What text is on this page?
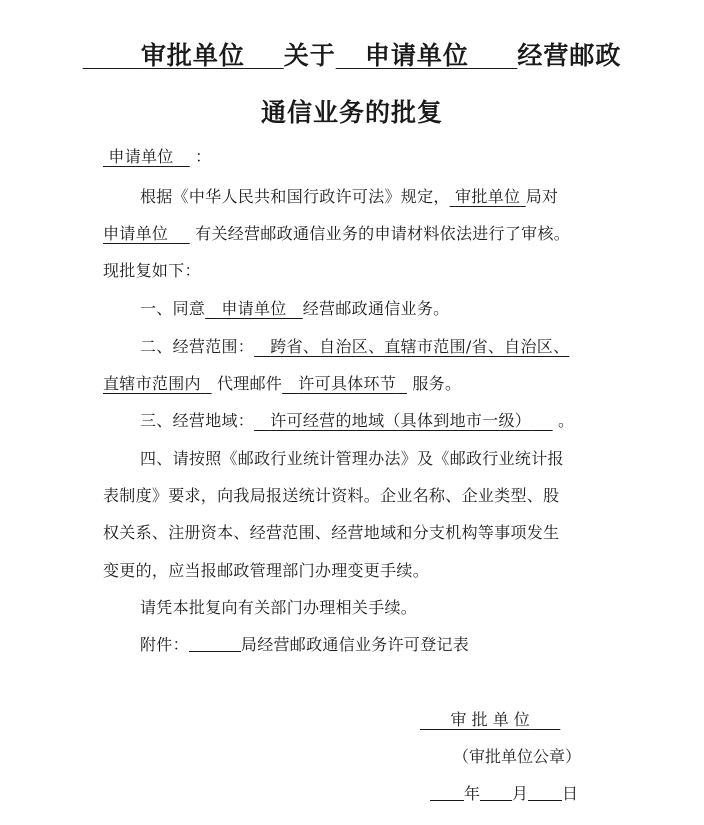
审批单位 关于 申请单位 经营邮政
通信业务的批复
申请单位 ：
根据《中华人民共和国行政许可法》规定， 审批单位 局对
申请单位 有关经营邮政通信业务的申请材料依法进行了审核。
现批复如下：
一、同意 申请单位 经营邮政通信业务。
二、经营范围： 跨省、自治区、直辖市范围/省、自治区、
直辖市范围内 代理邮件 许可具体环节 服务。
三、经营地域： 许可经营的地域（具体到地市一级） 。
四、请按照《邮政行业统计管理办法》及《邮政行业统计报
表制度》要求，向我局报送统计资料。企业名称、企业类型、股
权关系、注册资本、经营范围、经营地域和分支机构等事项发生
变更的，应当报邮政管理部门办理变更手续。
请凭本批复向有关部门办理相关手续。
附件：	局经营邮政通信业务许可登记表
审 批 单 位
（审批单位公章）
年 月 日
